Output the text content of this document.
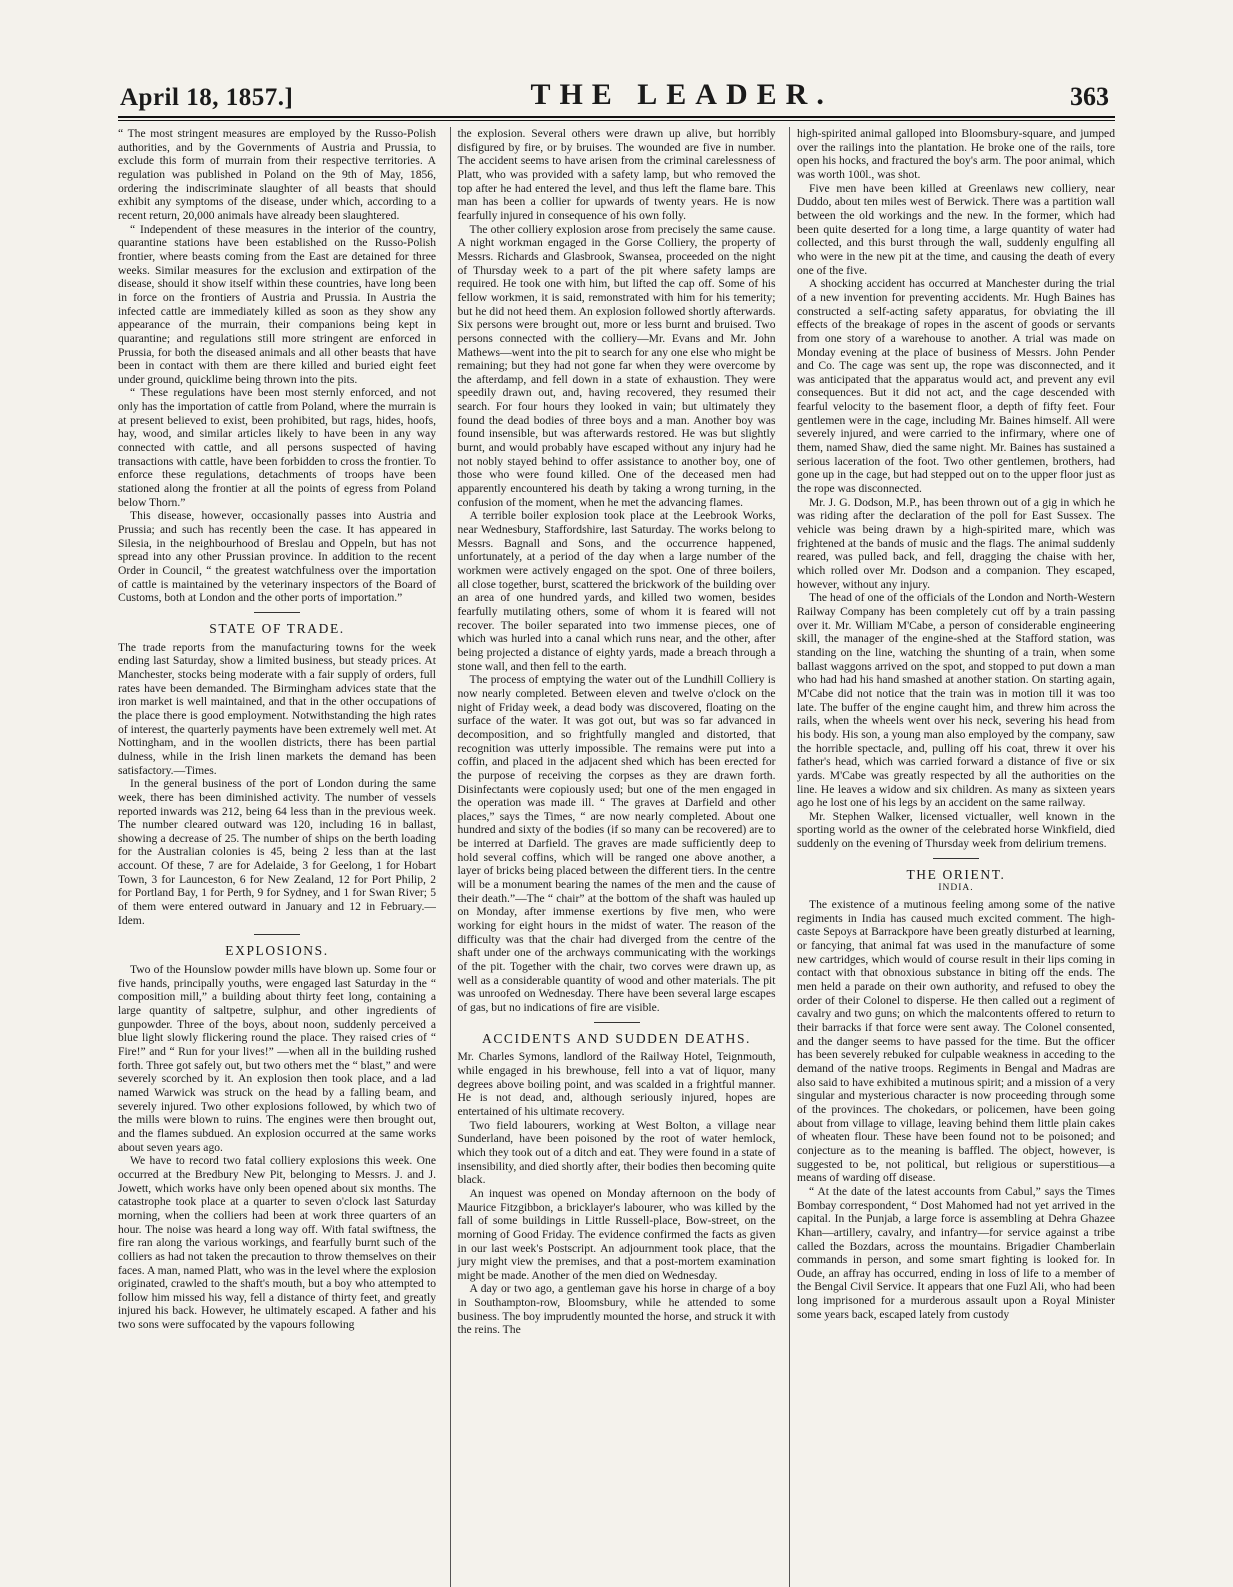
April 18, 1857.]	THE LEADER.	363

“ The most stringent measures are employed by the Russo-Polish authorities, and by the Governments of Austria and Prussia, to exclude this form of murrain from their respective territories. A regulation was published in Poland on the 9th of May, 1856, ordering the indiscriminate slaughter of all beasts that should exhibit any symptoms of the disease, under which, according to a recent return, 20,000 animals have already been slaughtered.

“ Independent of these measures in the interior of the country, quarantine stations have been established on the Russo-Polish frontier, where beasts coming from the East are detained for three weeks. Similar measures for the exclusion and extirpation of the disease, should it show itself within these countries, have long been in force on the frontiers of Austria and Prussia. In Austria the infected cattle are immediately killed as soon as they show any appearance of the murrain, their companions being kept in quarantine; and regulations still more stringent are enforced in Prussia, for both the diseased animals and all other beasts that have been in contact with them are there killed and buried eight feet under ground, quicklime being thrown into the pits.

“ These regulations have been most sternly enforced, and not only has the importation of cattle from Poland, where the murrain is at present believed to exist, been prohibited, but rags, hides, hoofs, hay, wood, and similar articles likely to have been in any way connected with cattle, and all persons suspected of having transactions with cattle, have been forbidden to cross the frontier. To enforce these regulations, detachments of troops have been stationed along the frontier at all the points of egress from Poland below Thorn.”

This disease, however, occasionally passes into Austria and Prussia; and such has recently been the case. It has appeared in Silesia, in the neighbourhood of Breslau and Oppeln, but has not spread into any other Prussian province. In addition to the recent Order in Council, “ the greatest watchfulness over the importation of cattle is maintained by the veterinary inspectors of the Board of Customs, both at London and the other ports of importation.”

STATE OF TRADE.

The trade reports from the manufacturing towns for the week ending last Saturday, show a limited business, but steady prices. At Manchester, stocks being moderate with a fair supply of orders, full rates have been demanded. The Birmingham advices state that the iron market is well maintained, and that in the other occupations of the place there is good employment. Notwithstanding the high rates of interest, the quarterly payments have been extremely well met. At Nottingham, and in the woollen districts, there has been partial dulness, while in the Irish linen markets the demand has been satisfactory.—Times.

In the general business of the port of London during the same week, there has been diminished activity. The number of vessels reported inwards was 212, being 64 less than in the previous week. The number cleared outward was 120, including 16 in ballast, showing a decrease of 25. The number of ships on the berth loading for the Australian colonies is 45, being 2 less than at the last account. Of these, 7 are for Adelaide, 3 for Geelong, 1 for Hobart Town, 3 for Launceston, 6 for New Zealand, 12 for Port Philip, 2 for Portland Bay, 1 for Perth, 9 for Sydney, and 1 for Swan River; 5 of them were entered outward in January and 12 in February.—Idem.

EXPLOSIONS.

Two of the Hounslow powder mills have blown up. Some four or five hands, principally youths, were engaged last Saturday in the “ composition mill,” a building about thirty feet long, containing a large quantity of saltpetre, sulphur, and other ingredients of gunpowder. Three of the boys, about noon, suddenly perceived a blue light slowly flickering round the place. They raised cries of “ Fire!” and “ Run for your lives!” —when all in the building rushed forth. Three got safely out, but two others met the “ blast,” and were severely scorched by it. An explosion then took place, and a lad named Warwick was struck on the head by a falling beam, and severely injured. Two other explosions followed, by which two of the mills were blown to ruins. The engines were then brought out, and the flames subdued. An explosion occurred at the same works about seven years ago.

We have to record two fatal colliery explosions this week. One occurred at the Bredbury New Pit, belonging to Messrs. J. and J. Jowett, which works have only been opened about six months. The catastrophe took place at a quarter to seven o'clock last Saturday morning, when the colliers had been at work three quarters of an hour. The noise was heard a long way off. With fatal swiftness, the fire ran along the various workings, and fearfully burnt such of the colliers as had not taken the precaution to throw themselves on their faces. A man, named Platt, who was in the level where the explosion originated, crawled to the shaft's mouth, but a boy who attempted to follow him missed his way, fell a distance of thirty feet, and greatly injured his back. However, he ultimately escaped. A father and his two sons were suffocated by the vapours following

the explosion. Several others were drawn up alive, but horribly disfigured by fire, or by bruises. The wounded are five in number. The accident seems to have arisen from the criminal carelessness of Platt, who was provided with a safety lamp, but who removed the top after he had entered the level, and thus left the flame bare. This man has been a collier for upwards of twenty years. He is now fearfully injured in consequence of his own folly.

The other colliery explosion arose from precisely the same cause. A night workman engaged in the Gorse Colliery, the property of Messrs. Richards and Glasbrook, Swansea, proceeded on the night of Thursday week to a part of the pit where safety lamps are required. He took one with him, but lifted the cap off. Some of his fellow workmen, it is said, remonstrated with him for his temerity; but he did not heed them. An explosion followed shortly afterwards. Six persons were brought out, more or less burnt and bruised. Two persons connected with the colliery—Mr. Evans and Mr. John Mathews—went into the pit to search for any one else who might be remaining; but they had not gone far when they were overcome by the afterdamp, and fell down in a state of exhaustion. They were speedily drawn out, and, having recovered, they resumed their search. For four hours they looked in vain; but ultimately they found the dead bodies of three boys and a man. Another boy was found insensible, but was afterwards restored. He was but slightly burnt, and would probably have escaped without any injury had he not nobly stayed behind to offer assistance to another boy, one of those who were found killed. One of the deceased men had apparently encountered his death by taking a wrong turning, in the confusion of the moment, when he met the advancing flames.

A terrible boiler explosion took place at the Leebrook Works, near Wednesbury, Staffordshire, last Saturday. The works belong to Messrs. Bagnall and Sons, and the occurrence happened, unfortunately, at a period of the day when a large number of the workmen were actively engaged on the spot. One of three boilers, all close together, burst, scattered the brickwork of the building over an area of one hundred yards, and killed two women, besides fearfully mutilating others, some of whom it is feared will not recover. The boiler separated into two immense pieces, one of which was hurled into a canal which runs near, and the other, after being projected a distance of eighty yards, made a breach through a stone wall, and then fell to the earth.

The process of emptying the water out of the Lundhill Colliery is now nearly completed. Between eleven and twelve o'clock on the night of Friday week, a dead body was discovered, floating on the surface of the water. It was got out, but was so far advanced in decomposition, and so frightfully mangled and distorted, that recognition was utterly impossible. The remains were put into a coffin, and placed in the adjacent shed which has been erected for the purpose of receiving the corpses as they are drawn forth. Disinfectants were copiously used; but one of the men engaged in the operation was made ill. “ The graves at Darfield and other places,” says the Times, “ are now nearly completed. About one hundred and sixty of the bodies (if so many can be recovered) are to be interred at Darfield. The graves are made sufficiently deep to hold several coffins, which will be ranged one above another, a layer of bricks being placed between the different tiers. In the centre will be a monument bearing the names of the men and the cause of their death.”—The “ chair” at the bottom of the shaft was hauled up on Monday, after immense exertions by five men, who were working for eight hours in the midst of water. The reason of the difficulty was that the chair had diverged from the centre of the shaft under one of the archways communicating with the workings of the pit. Together with the chair, two corves were drawn up, as well as a considerable quantity of wood and other materials. The pit was unroofed on Wednesday. There have been several large escapes of gas, but no indications of fire are visible.

ACCIDENTS AND SUDDEN DEATHS.

Mr. Charles Symons, landlord of the Railway Hotel, Teignmouth, while engaged in his brewhouse, fell into a vat of liquor, many degrees above boiling point, and was scalded in a frightful manner. He is not dead, and, although seriously injured, hopes are entertained of his ultimate recovery.

Two field labourers, working at West Bolton, a village near Sunderland, have been poisoned by the root of water hemlock, which they took out of a ditch and eat. They were found in a state of insensibility, and died shortly after, their bodies then becoming quite black.

An inquest was opened on Monday afternoon on the body of Maurice Fitzgibbon, a bricklayer's labourer, who was killed by the fall of some buildings in Little Russell-place, Bow-street, on the morning of Good Friday. The evidence confirmed the facts as given in our last week's Postscript. An adjournment took place, that the jury might view the premises, and that a post-mortem examination might be made. Another of the men died on Wednesday.

A day or two ago, a gentleman gave his horse in charge of a boy in Southampton-row, Bloomsbury, while he attended to some business. The boy imprudently mounted the horse, and struck it with the reins. The

high-spirited animal galloped into Bloomsbury-square, and jumped over the railings into the plantation. He broke one of the rails, tore open his hocks, and fractured the boy's arm. The poor animal, which was worth 100l., was shot.

Five men have been killed at Greenlaws new colliery, near Duddo, about ten miles west of Berwick. There was a partition wall between the old workings and the new. In the former, which had been quite deserted for a long time, a large quantity of water had collected, and this burst through the wall, suddenly engulfing all who were in the new pit at the time, and causing the death of every one of the five.

A shocking accident has occurred at Manchester during the trial of a new invention for preventing accidents. Mr. Hugh Baines has constructed a self-acting safety apparatus, for obviating the ill effects of the breakage of ropes in the ascent of goods or servants from one story of a warehouse to another. A trial was made on Monday evening at the place of business of Messrs. John Pender and Co. The cage was sent up, the rope was disconnected, and it was anticipated that the apparatus would act, and prevent any evil consequences. But it did not act, and the cage descended with fearful velocity to the basement floor, a depth of fifty feet. Four gentlemen were in the cage, including Mr. Baines himself. All were severely injured, and were carried to the infirmary, where one of them, named Shaw, died the same night. Mr. Baines has sustained a serious laceration of the foot. Two other gentlemen, brothers, had gone up in the cage, but had stepped out on to the upper floor just as the rope was disconnected.

Mr. J. G. Dodson, M.P., has been thrown out of a gig in which he was riding after the declaration of the poll for East Sussex. The vehicle was being drawn by a high-spirited mare, which was frightened at the bands of music and the flags. The animal suddenly reared, was pulled back, and fell, dragging the chaise with her, which rolled over Mr. Dodson and a companion. They escaped, however, without any injury.

The head of one of the officials of the London and North-Western Railway Company has been completely cut off by a train passing over it. Mr. William M'Cabe, a person of considerable engineering skill, the manager of the engine-shed at the Stafford station, was standing on the line, watching the shunting of a train, when some ballast waggons arrived on the spot, and stopped to put down a man who had had his hand smashed at another station. On starting again, M'Cabe did not notice that the train was in motion till it was too late. The buffer of the engine caught him, and threw him across the rails, when the wheels went over his neck, severing his head from his body. His son, a young man also employed by the company, saw the horrible spectacle, and, pulling off his coat, threw it over his father's head, which was carried forward a distance of five or six yards. M'Cabe was greatly respected by all the authorities on the line. He leaves a widow and six children. As many as sixteen years ago he lost one of his legs by an accident on the same railway.

Mr. Stephen Walker, licensed victualler, well known in the sporting world as the owner of the celebrated horse Winkfield, died suddenly on the evening of Thursday week from delirium tremens.

THE ORIENT.
INDIA.

The existence of a mutinous feeling among some of the native regiments in India has caused much excited comment. The high-caste Sepoys at Barrackpore have been greatly disturbed at learning, or fancying, that animal fat was used in the manufacture of some new cartridges, which would of course result in their lips coming in contact with that obnoxious substance in biting off the ends. The men held a parade on their own authority, and refused to obey the order of their Colonel to disperse. He then called out a regiment of cavalry and two guns; on which the malcontents offered to return to their barracks if that force were sent away. The Colonel consented, and the danger seems to have passed for the time. But the officer has been severely rebuked for culpable weakness in acceding to the demand of the native troops. Regiments in Bengal and Madras are also said to have exhibited a mutinous spirit; and a mission of a very singular and mysterious character is now proceeding through some of the provinces. The chokedars, or policemen, have been going about from village to village, leaving behind them little plain cakes of wheaten flour. These have been found not to be poisoned; and conjecture as to the meaning is baffled. The object, however, is suggested to be, not political, but religious or superstitious—a means of warding off disease.

“ At the date of the latest accounts from Cabul,” says the Times Bombay correspondent, “ Dost Mahomed had not yet arrived in the capital. In the Punjab, a large force is assembling at Dehra Ghazee Khan—artillery, cavalry, and infantry—for service against a tribe called the Bozdars, across the mountains. Brigadier Chamberlain commands in person, and some smart fighting is looked for. In Oude, an affray has occurred, ending in loss of life to a member of the Bengal Civil Service. It appears that one Fuzl Ali, who had been long imprisoned for a murderous assault upon a Royal Minister some years back, escaped lately from custody
